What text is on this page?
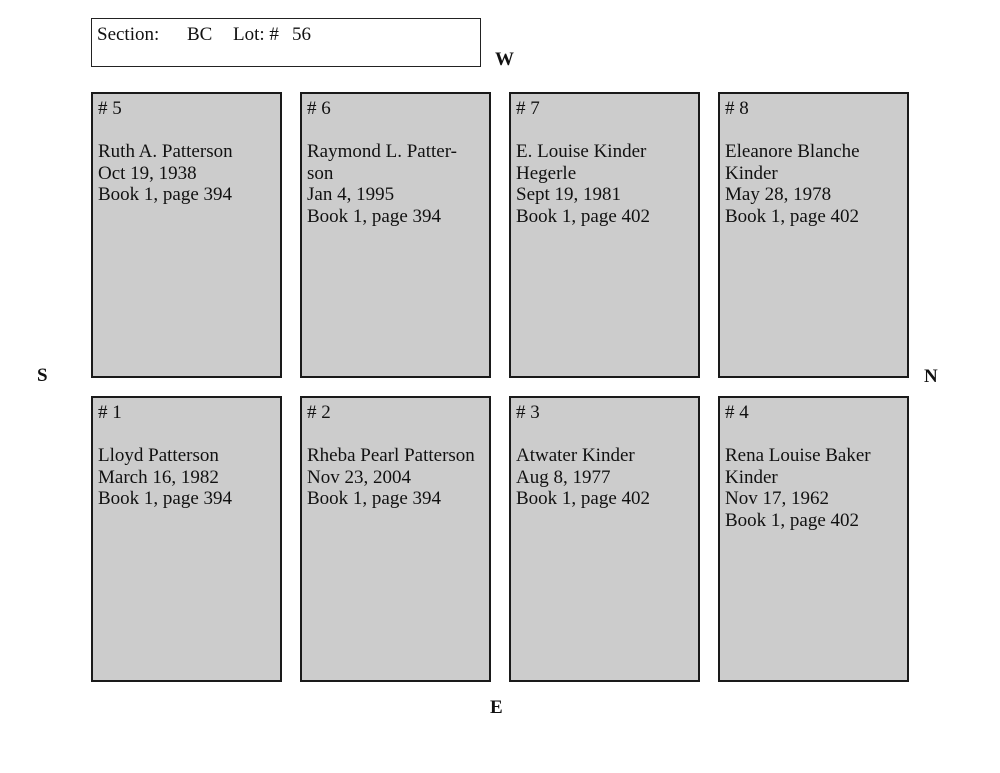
Section: BC Lot: # 56
W
E
S	N
# 5
Ruth A. Patterson
Oct 19, 1938
Book 1, page 394
# 6
Raymond L. Patter-
son
Jan 4, 1995
Book 1, page 394
# 7
E. Louise Kinder
Hegerle
Sept 19, 1981
Book 1, page 402
# 8
Eleanore Blanche
Kinder
May 28, 1978
Book 1, page 402
# 1
Lloyd Patterson
March 16, 1982
Book 1, page 394
# 2
Rheba Pearl Patterson
Nov 23, 2004
Book 1, page 394
# 3
Atwater Kinder
Aug 8, 1977
Book 1, page 402
# 4
Rena Louise Baker
Kinder
Nov 17, 1962
Book 1, page 402
